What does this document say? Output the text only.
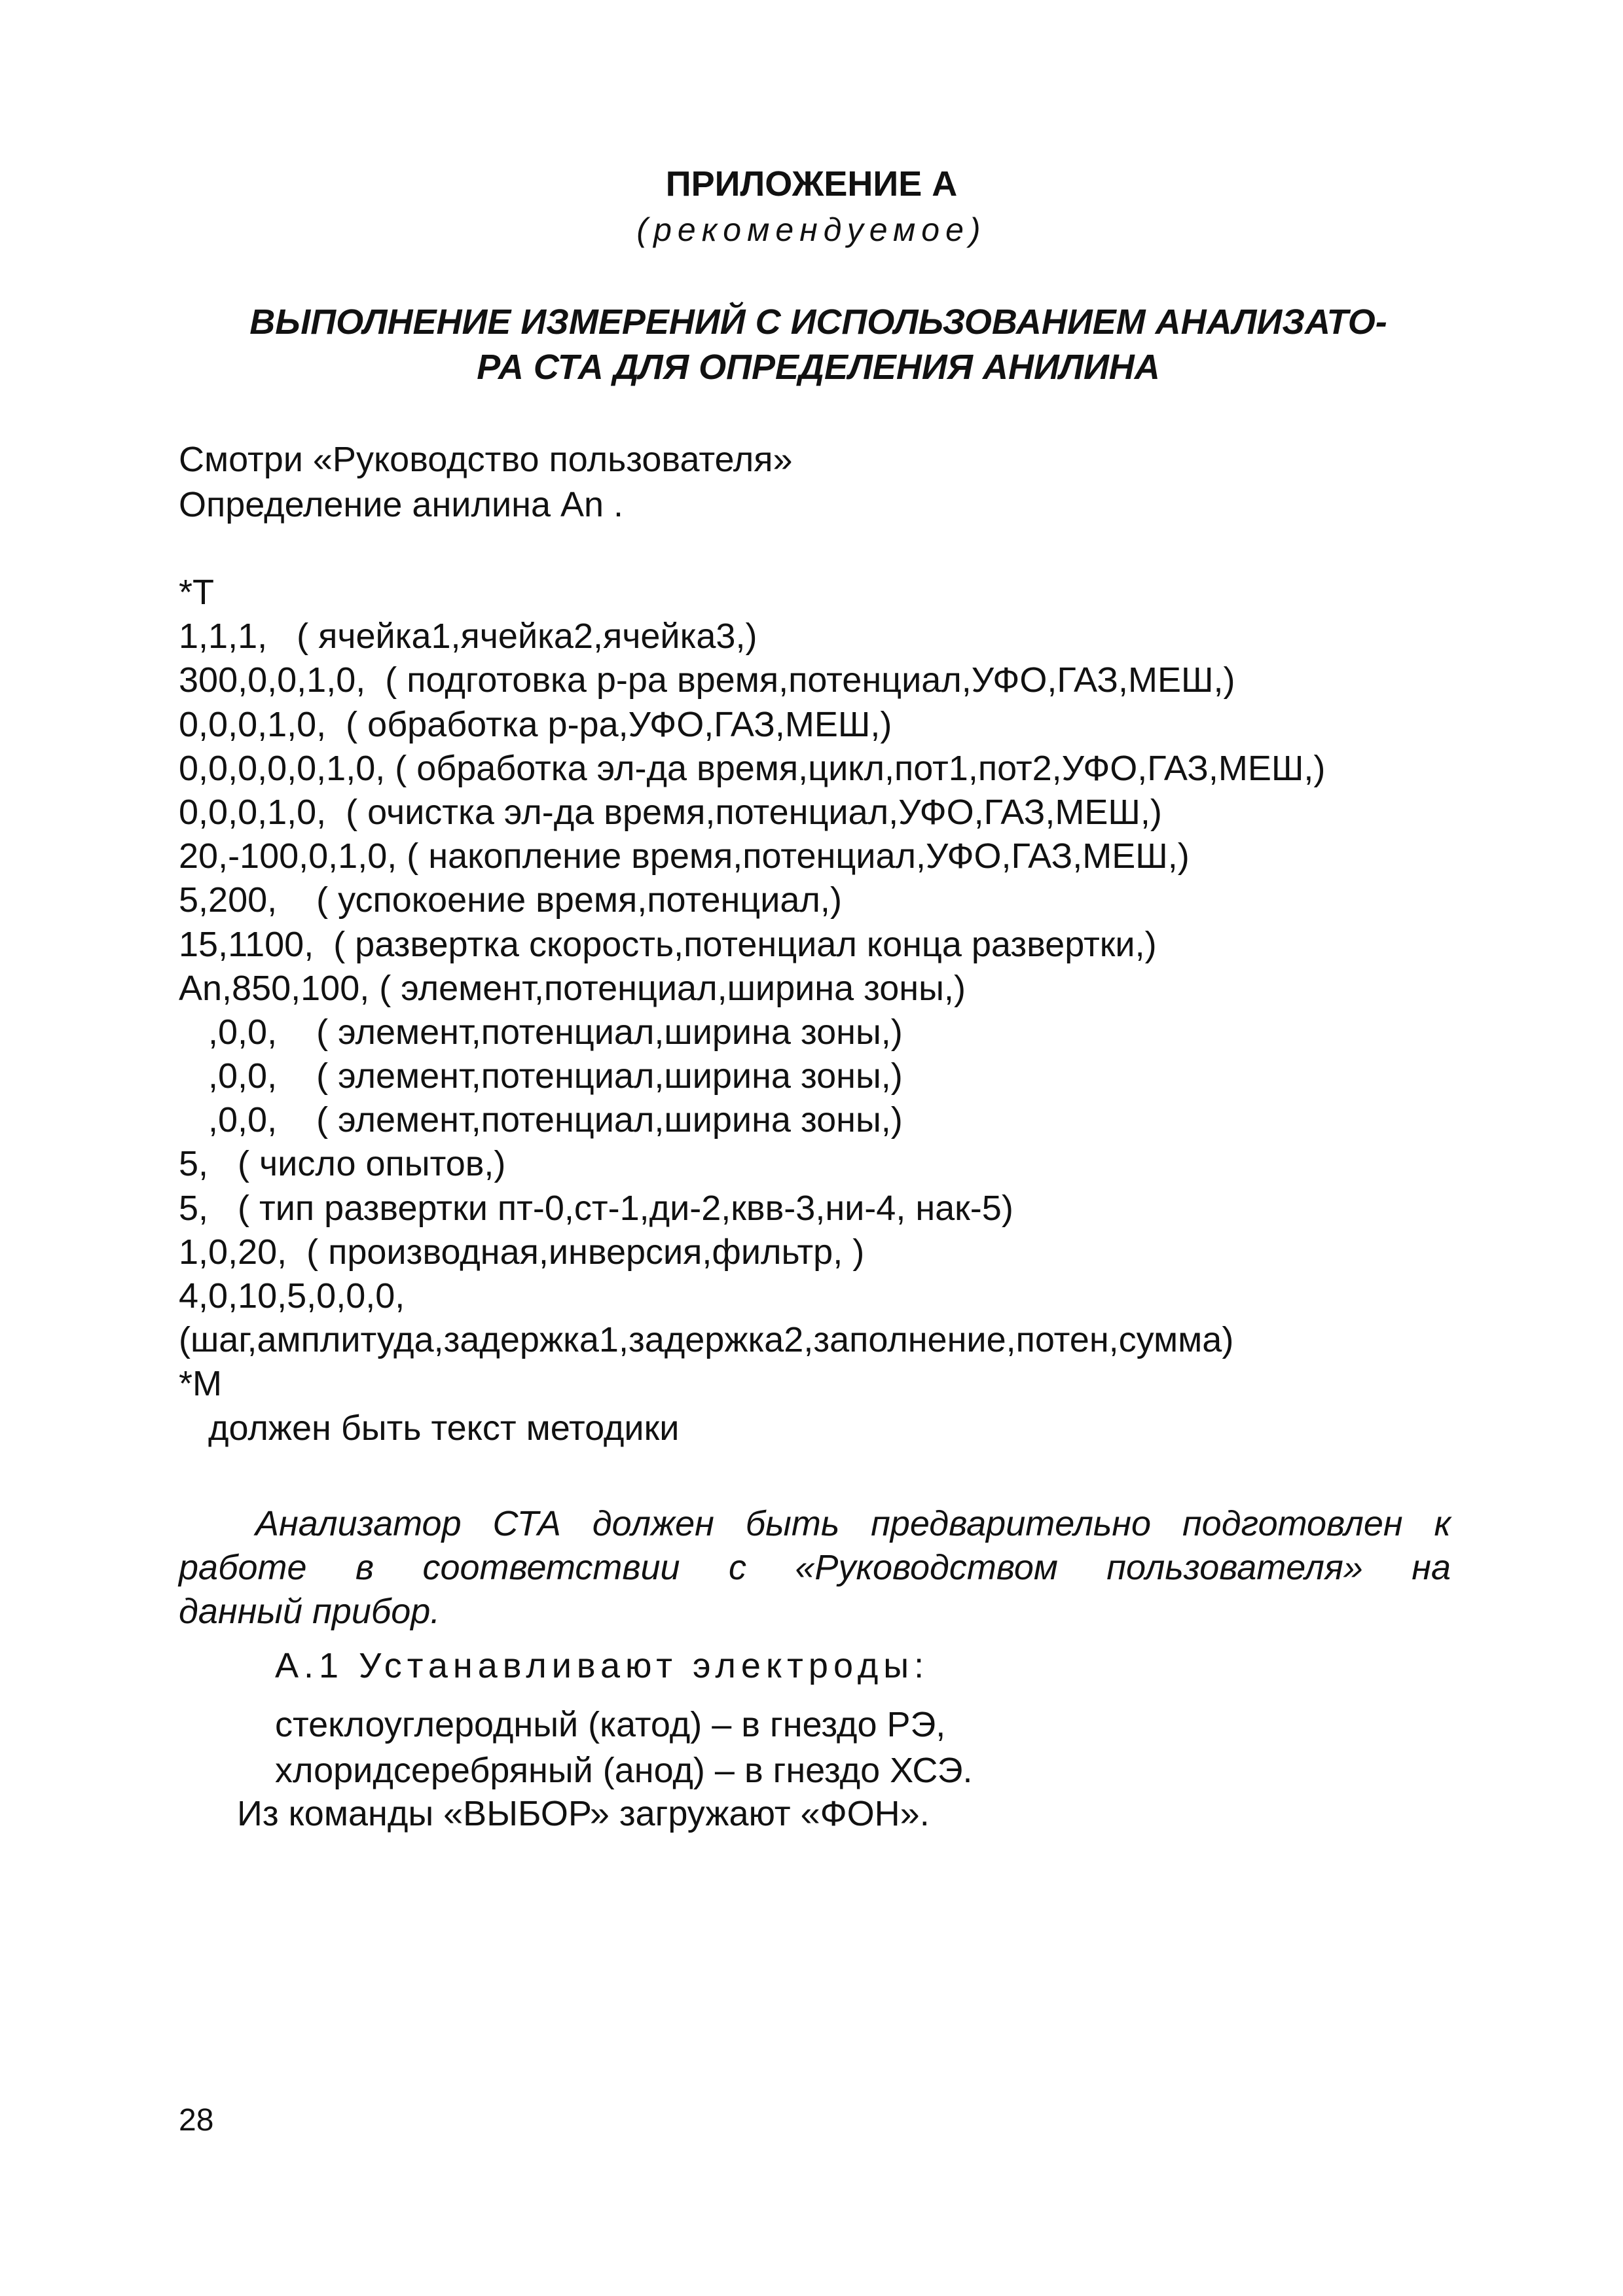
ПРИЛОЖЕНИЕ А
(рекомендуемое)
ВЫПОЛНЕНИЕ ИЗМЕРЕНИЙ С ИСПОЛЬЗОВАНИЕМ АНАЛИЗАТО-
РА СТА ДЛЯ ОПРЕДЕЛЕНИЯ АНИЛИНА
Смотри «Руководство пользователя»
Определение анилина An .
*T
1,1,1,   ( ячейка1,ячейка2,ячейка3,)
300,0,0,1,0,  ( подготовка р-ра время,потенциал,УФО,ГАЗ,МЕШ,)
0,0,0,1,0,  ( обработка р-ра,УФО,ГАЗ,МЕШ,)
0,0,0,0,0,1,0, ( обработка эл-да время,цикл,пот1,пот2,УФО,ГАЗ,МЕШ,)
0,0,0,1,0,  ( очистка эл-да время,потенциал,УФО,ГАЗ,МЕШ,)
20,-100,0,1,0, ( накопление время,потенциал,УФО,ГАЗ,МЕШ,)
5,200,    ( успокоение время,потенциал,)
15,1100,  ( развертка скорость,потенциал конца развертки,)
An,850,100, ( элемент,потенциал,ширина зоны,)
,0,0,    ( элемент,потенциал,ширина зоны,)
,0,0,    ( элемент,потенциал,ширина зоны,)
,0,0,    ( элемент,потенциал,ширина зоны,)
5,   ( число опытов,)
5,   ( тип развертки пт-0,ст-1,ди-2,квв-3,ни-4, нак-5)
1,0,20,  ( производная,инверсия,фильтр, )
4,0,10,5,0,0,0,
(шаг,амплитуда,задержка1,задержка2,заполнение,потен,сумма)
*M
должен быть текст методики
Анализатор СТА должен быть предварительно подготовлен к
работе в соответствии с «Руководством пользователя» на
данный прибор.
А.1 Устанавливают электроды:
стеклоуглеродный (катод) – в гнездо РЭ,
хлоридсеребряный (анод) – в гнездо ХСЭ.
Из команды «ВЫБОР» загружают «ФОН».
28
